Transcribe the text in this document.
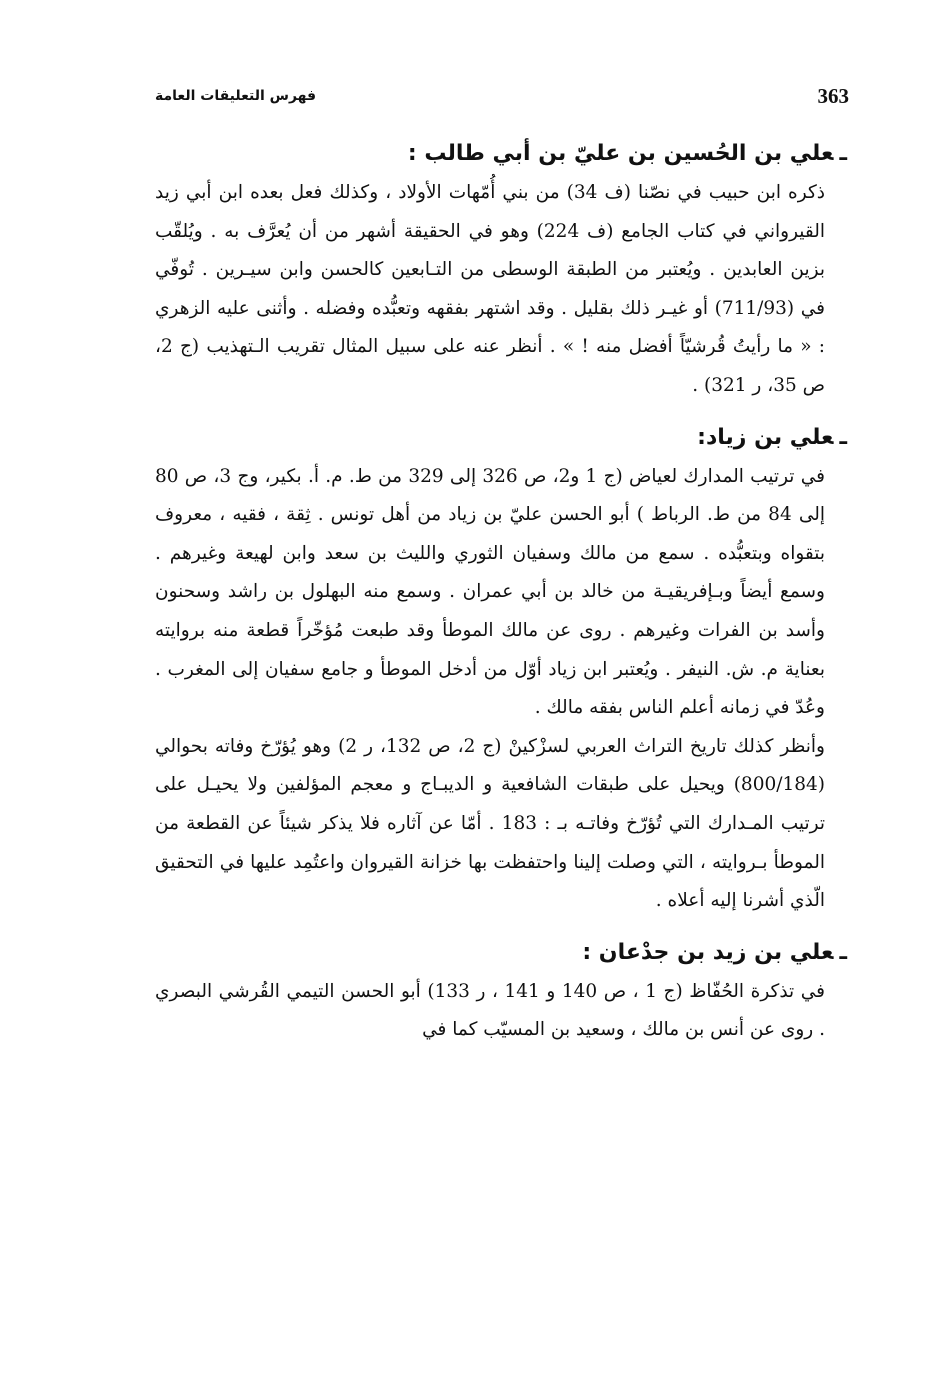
363
فهرس التعليقات العامة
ـعلي بن الحُسين بن عليّ بن أبي طالب :

ذكره ابن حبيب في نصّنا (ف 34) من بني أُمّهات الأولاد ، وكذلك فعل بعده ابن أبي زيد القيرواني في كتاب الجامع (ف 224) وهو في الحقيقة أشهر من أن يُعرَّف به . ويُلقّب بزين العابدين . ويُعتبر من الطبقة الوسطى من التـابعين كالحسن وابن سيـرين . تُوفّي في (711/93) أو غيـر ذلك بقليل . وقد اشتهر بفقهه وتعبُّده وفضله . وأثنى عليه الزهري : « ما رأيتُ قُرشيّاً أفضل منه ! » . أنظر عنه على سبيل المثال تقريب الـتهذيب (ج 2، ص 35، ر 321) .

ـعلي بن زياد:

في ترتيب المدارك لعياض (ج 1 و2، ص 326 إلى 329 من ط. م. أ. بكير، وج 3، ص 80 إلى 84 من ط. الرباط ) أبو الحسن عليّ بن زياد من أهل تونس . ثِقة ، فقيه ، معروف بتقواه وبتعبُّده . سمع من مالك وسفيان الثوري والليث بن سعد وابن لهيعة وغيرهم . وسمع أيضاً وبـإفريقيـة من خالد بن أبي عمران . وسمع منه البهلول بن راشد وسحنون وأسد بن الفرات وغيرهم . روى عن مالك الموطأ وقد طبعت مُؤخّراً قطعة منه بروايته بعناية م. ش. النيفر . ويُعتبر ابن زياد أوّل من أدخل الموطأ و جامع سفيان إلى المغرب . وعُدّ في زمانه أعلم الناس بفقه مالك .

وأنظر كذلك تاريخ التراث العربي لسزْكينْ (ج 2، ص 132، ر 2) وهو يُؤرّخ وفاته بحوالي (800/184) ويحيل على طبقات الشافعية و الديبـاج و معجم المؤلفين ولا يحيـل على ترتيب المـدارك التي تُؤرّخ وفاتـه بـ : 183 . أمّا عن آثاره فلا يذكر شيئاً عن القطعة من الموطأ بـروايته ، التي وصلت إلينا واحتفظت بها خزانة القيروان واعتُمِد عليها في التحقيق الّذي أشرنا إليه أعلاه .

ـعلي بن زيد بن جدْعان :

في تذكرة الحُفّاظ (ج 1 ، ص 140 و 141 ، ر 133) أبو الحسن التيمي القُرشي البصري . روى عن أنس بن مالك ، وسعيد بن المسيّب كما في
